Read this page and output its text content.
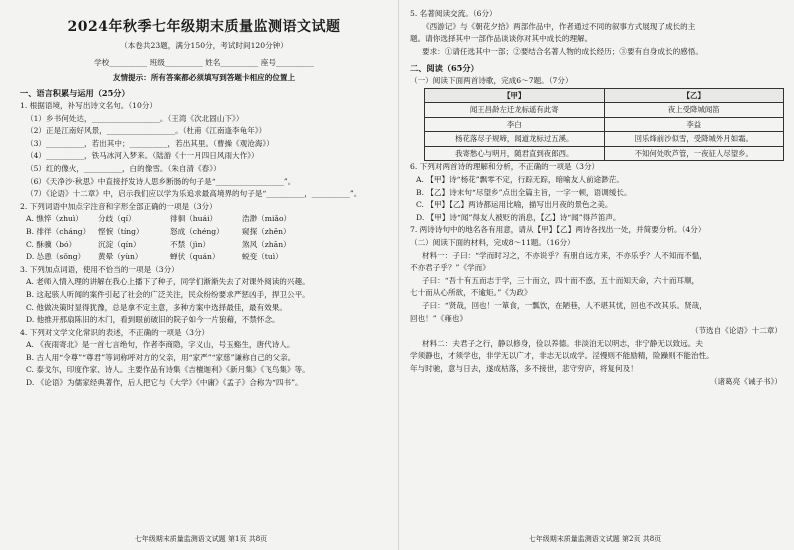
2024年秋季七年级期末质量监测语文试题

（本卷共23题，满分150分，考试时间120分钟）

学校__________ 班级__________ 姓名__________ 座号__________

友情提示：所有答案都必须填写到答题卡相应的位置上

一、语言积累与运用（25分）

1. 根据语境，补写出诗文名句。（10分）

（1）乡书何处达，__________________。（王湾《次北固山下》）

（2）正是江南好风景，__________________。（杜甫《江南逢李龟年》）

（3）__________，若出其中；__________，若出其里。（曹操《观沧海》）

（4）__________，铁马冰河入梦来。（陆游《十一月四日风雨大作》）

（5）红的像火，__________，白的像雪。（朱自清《春》）

（6）《天净沙·秋思》中直接抒发诗人思乡断肠的句子是“__________________”。

（7）《论语》十二章》中，启示我们应以学为乐追求最高境界的句子是“__________，__________”。

2. 下列词语中加点字注音和字形全部正确的一项是（3分）

A. 憔悴（zhuì）	分歧（qí）	徘徊（huái）	浩渺（miǎo）
B. 徘徉（cháng）	悭悷（tíng）	怒成（chéng）	窥探（zhēn）
C. 酥骥（bó）	沉淀（qín）	不禁（jìn）	煞风（zhān）
D. 怂恿（sǒng）	黄晕（yùn）	蝉伏（quán）	蜕变（tuì）

3. 下列加点词语，使用不恰当的一项是（3分）

A. 老师入情入理的讲解在我心上播下了种子，同学们渐渐失去了对课外阅读的兴趣。

B. 这起骇人听闻的案件引起了社会的广泛关注，民众纷纷要求严惩凶手，捍卫公平。

C. 他做决策时显得犹豫，总是拿不定主意，多种方案中选择最佳，最有效果。

D. 他推开那扇陈旧的木门，看到眼前破旧的院子如今一片狼藉，不禁怀念。

4. 下列对文学文化常识的表述，不正确的一项是（3分）

A. 《夜雨寄北》是一首七言绝句，作者李商隐，字义山，号玉谿生，唐代诗人。

B. 古人用“令尊”“尊君”等词称呼对方的父亲，用“家严”“家慈”谦称自己的父亲。

C. 泰戈尔，印度作家、诗人。主要作品有诗集《吉檀迦利》《新月集》《飞鸟集》等。

D. 《论语》为儒家经典著作，后人把它与《大学》《中庸》《孟子》合称为“四书”。

七年级期末质量监测语文试题 第1页 共8页

5. 名著阅读交流。（6分）

《西游记》与《朝花夕拾》两部作品中，作者通过不同的叙事方式展现了成长的主

题。请你选择其中一部作品谈谈你对其中成长的理解。

要求：①请任选其中一部；②要结合名著人物的成长经历；③要有自身成长的感悟。

二、阅读（65分）

（一）阅读下面两首诗歌，完成6～7题。（7分）

【甲】	【乙】
闻王昌龄左迁龙标遥有此寄	夜上受降城闻笛
李白	李益
杨花落尽子规啼，闻道龙标过五溪。	回乐烽前沙似雪，受降城外月如霜。
我寄愁心与明月，随君直到夜郎西。	不知何处吹芦管，一夜征人尽望乡。

6. 下列对两首诗的理解和分析，不正确的一项是（3分）

A. 【甲】诗“杨花”飘零不定，行踪无踪，暗喻友人前途渺茫。

B. 【乙】诗末句“尽望乡”点出全篇主旨，一字一顿，语调缓长。

C. 【甲】【乙】两诗都运用比喻，描写出月夜的景色之美。

D. 【甲】诗“闻”得友人被贬的消息，【乙】诗“闻”得芦笛声。

7. 两诗诗句中的地名各有用意，请从【甲】【乙】两诗各找出一处，并简要分析。（4分）

（二）阅读下面的材料，完成8～11题。（16分）

材料一：子曰：“学而时习之，不亦说乎？有朋自远方来，不亦乐乎？人不知而不愠，

不亦君子乎？”《学而》

子曰：“吾十有五而志于学，三十而立，四十而不惑，五十而知天命，六十而耳顺，

七十而从心所欲，不逾矩。”《为政》

子曰：“贤哉，回也！一箪食，一瓢饮，在陋巷，人不堪其忧，回也不改其乐。贤哉，

回也！”《雍也》

（节选自《论语》十二章）

材料二：夫君子之行，静以修身，俭以养德。非淡泊无以明志，非宁静无以致远。夫

学须静也，才须学也，非学无以广才，非志无以成学。淫慢则不能励精，险躁则不能治性。

年与时驰，意与日去，遂成枯落，多不接世，悲守穷庐，将复何及！

（诸葛亮《诫子书》）

七年级期末质量监测语文试题 第2页 共8页
